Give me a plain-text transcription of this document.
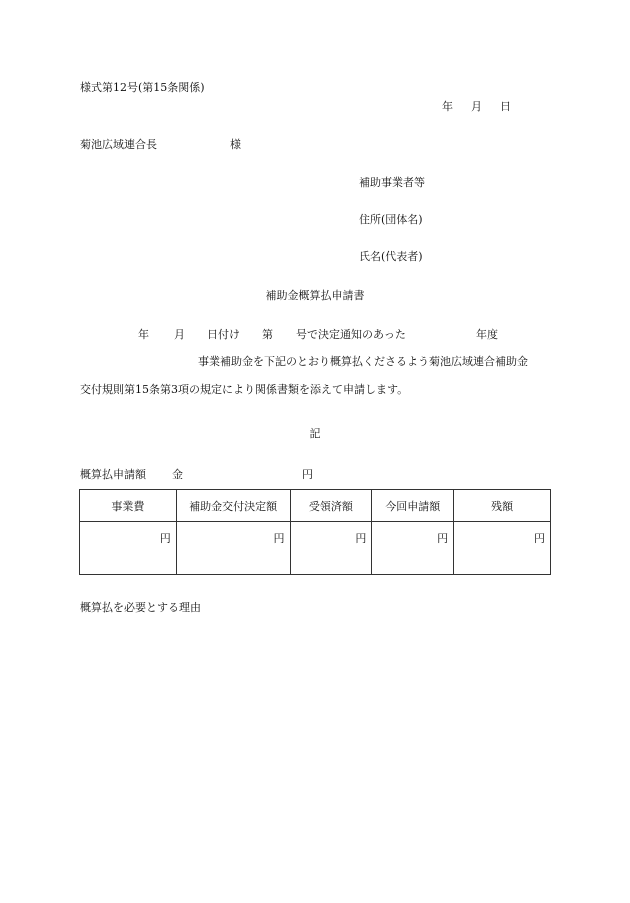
様式第12号(第15条関係)
年 月 日
菊池広域連合長	様
補助事業者等
住所(団体名)
氏名(代表者)
補助金概算払申請書
年 月 日付け 第 号で決定通知のあった	年度
事業補助金を下記のとおり概算払くださるよう菊池広域連合補助金
交付規則第15条第3項の規定により関係書類を添えて申請します。
記
概算払申請額 金	円
事業費	補助金交付決定額	受領済額	今回申請額	残額
円	円	円	円	円
概算払を必要とする理由
